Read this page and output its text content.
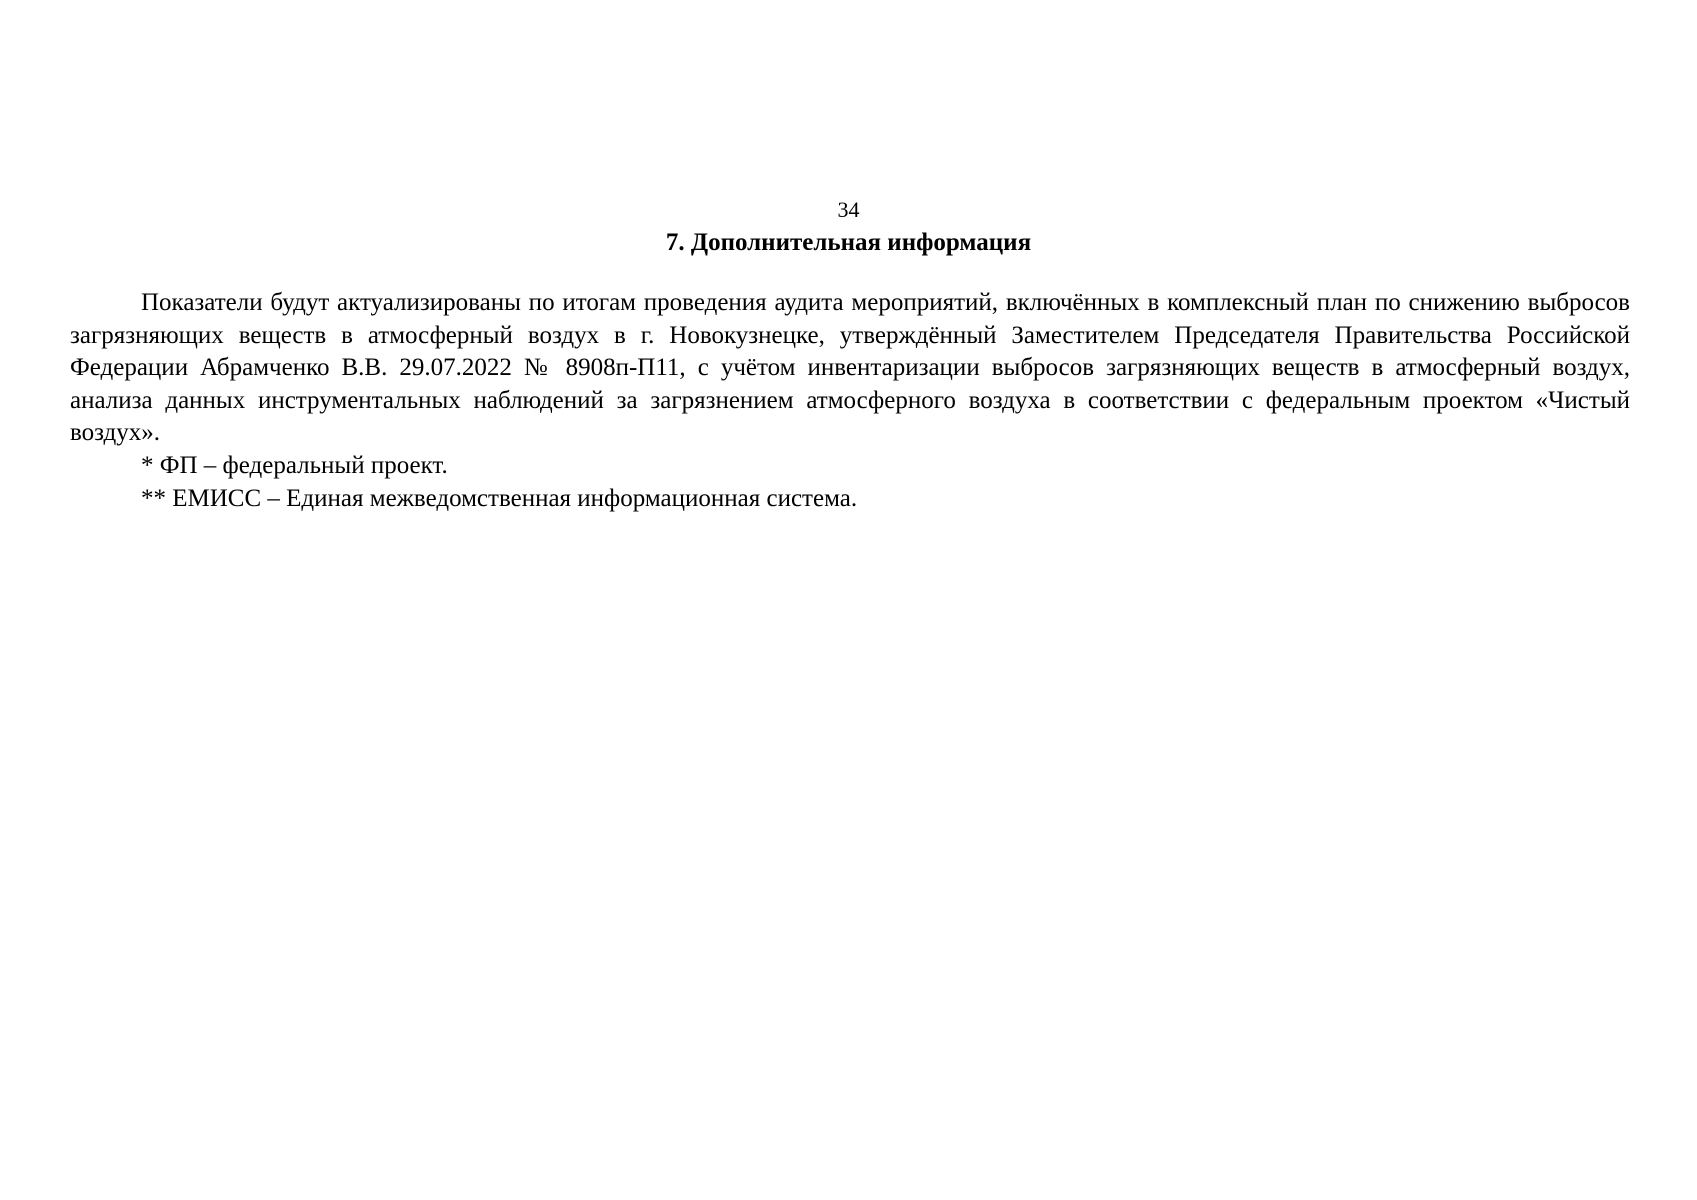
34
7. Дополнительная информация

Показатели будут актуализированы по итогам проведения аудита мероприятий, включённых в комплексный план по снижению выбросов загрязняющих веществ в атмосферный воздух в г. Новокузнецке, утверждённый Заместителем Председателя Правительства Российской Федерации Абрамченко В.В. 29.07.2022 № 8908п-П11, с учётом инвентаризации выбросов загрязняющих веществ в атмосферный воздух, анализа данных инструментальных наблюдений за загрязнением атмосферного воздуха в соответствии с федеральным проектом «Чистый воздух».

* ФП – федеральный проект.

** ЕМИСС – Единая межведомственная информационная система.
